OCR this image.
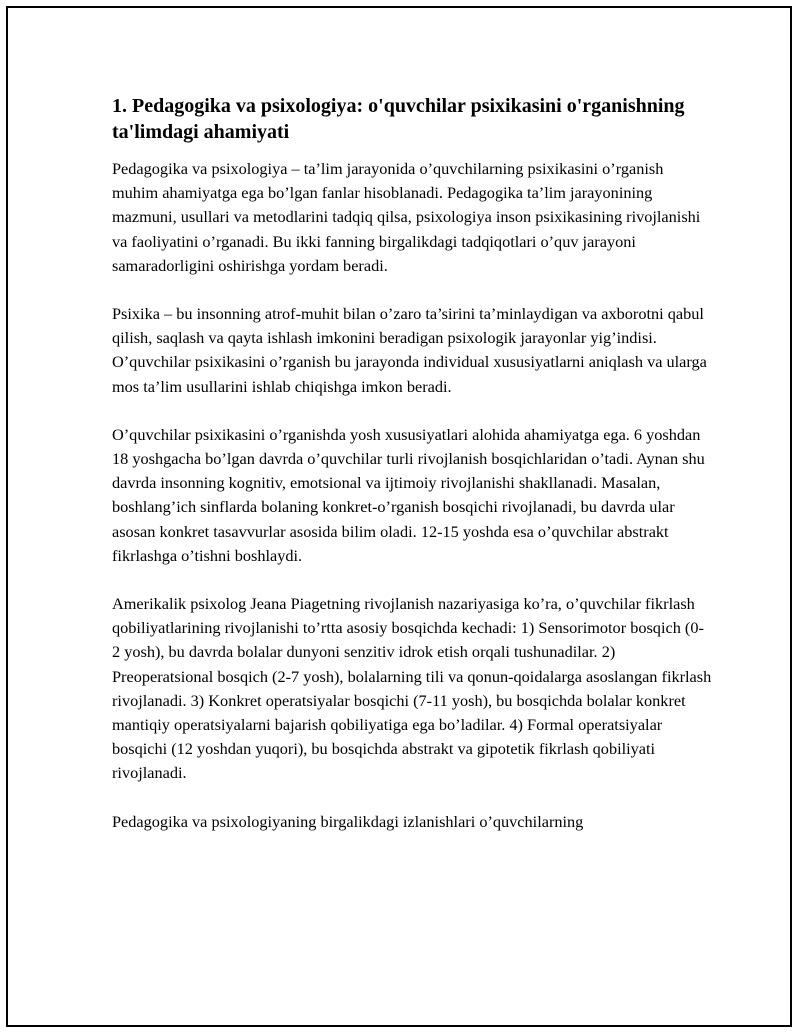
1. Pedagogika va psixologiya: o'quvchilar psixikasini o'rganishning ta'limdagi ahamiyati

Pedagogika va psixologiya – ta’lim jarayonida o’quvchilarning psixikasini o’rganish muhim ahamiyatga ega bo’lgan fanlar hisoblanadi. Pedagogika ta’lim jarayonining mazmuni, usullari va metodlarini tadqiq qilsa, psixologiya inson psixikasining rivojlanishi va faoliyatini o’rganadi. Bu ikki fanning birgalikdagi tadqiqotlari o’quv jarayoni samaradorligini oshirishga yordam beradi.

Psixika – bu insonning atrof-muhit bilan o’zaro ta’sirini ta’minlaydigan va axborotni qabul qilish, saqlash va qayta ishlash imkonini beradigan psixologik jarayonlar yig’indisi. O’quvchilar psixikasini o’rganish bu jarayonda individual xususiyatlarni aniqlash va ularga mos ta’lim usullarini ishlab chiqishga imkon beradi.

O’quvchilar psixikasini o’rganishda yosh xususiyatlari alohida ahamiyatga ega. 6 yoshdan 18 yoshgacha bo’lgan davrda o’quvchilar turli rivojlanish bosqichlaridan o’tadi. Aynan shu davrda insonning kognitiv, emotsional va ijtimoiy rivojlanishi shakllanadi. Masalan, boshlang’ich sinflarda bolaning konkret-o’rganish bosqichi rivojlanadi, bu davrda ular asosan konkret tasavvurlar asosida bilim oladi. 12-15 yoshda esa o’quvchilar abstrakt fikrlashga o’tishni boshlaydi.

Amerikalik psixolog Jeana Piagetning rivojlanish nazariyasiga ko’ra, o’quvchilar fikrlash qobiliyatlarining rivojlanishi to’rtta asosiy bosqichda kechadi: 1) Sensorimotor bosqich (0-2 yosh), bu davrda bolalar dunyoni senzitiv idrok etish orqali tushunadilar. 2) Preoperatsional bosqich (2-7 yosh), bolalarning tili va qonun-qoidalarga asoslangan fikrlash rivojlanadi. 3) Konkret operatsiyalar bosqichi (7-11 yosh), bu bosqichda bolalar konkret mantiqiy operatsiyalarni bajarish qobiliyatiga ega bo’ladilar. 4) Formal operatsiyalar bosqichi (12 yoshdan yuqori), bu bosqichda abstrakt va gipotetik fikrlash qobiliyati rivojlanadi.

Pedagogika va psixologiyaning birgalikdagi izlanishlari o’quvchilarning
